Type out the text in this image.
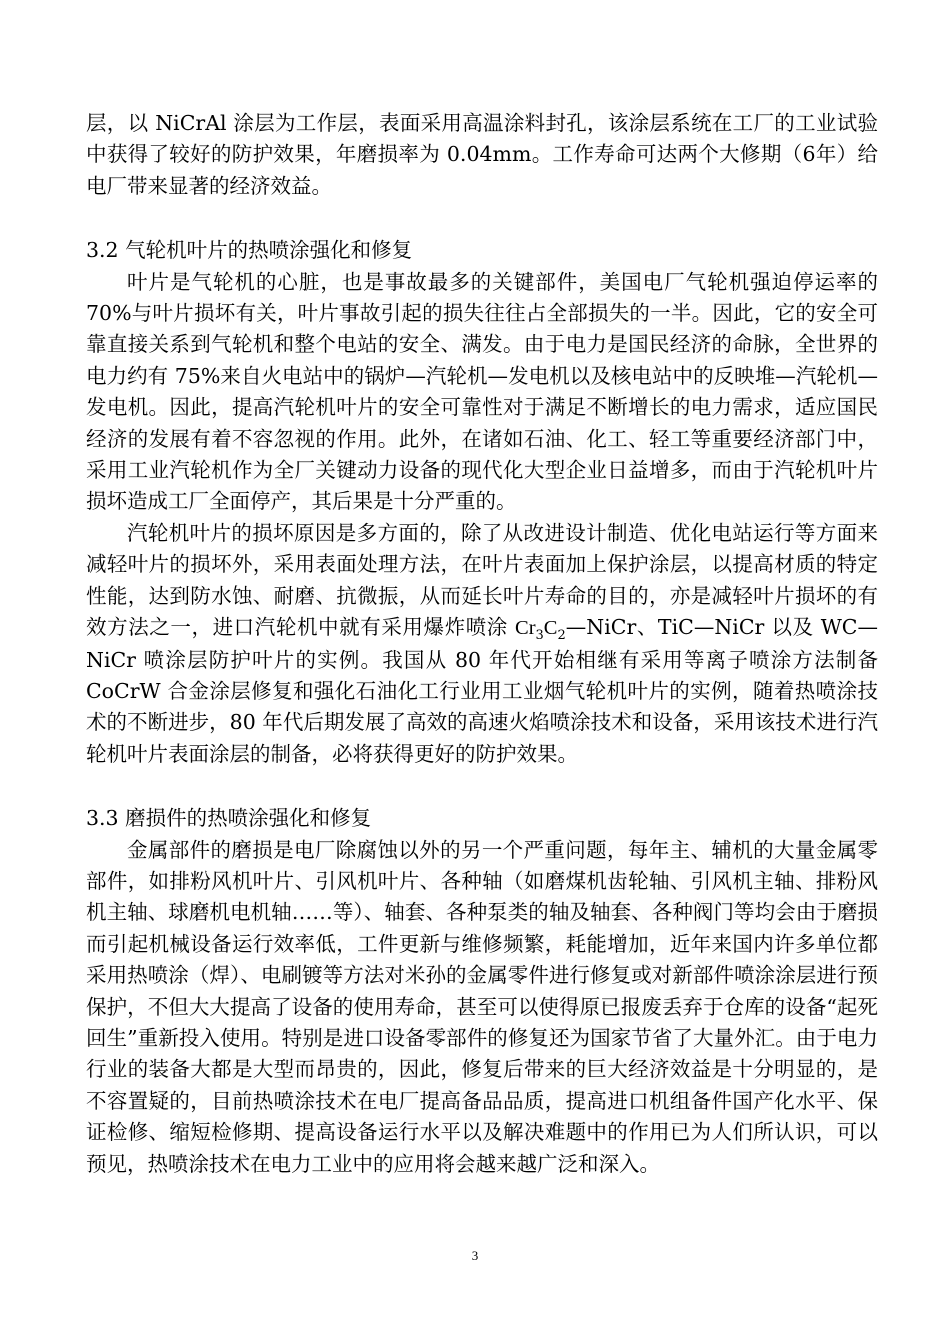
层，以 NiCrAl 涂层为工作层，表面采用高温涂料封孔，该涂层系统在工厂的工业试验中获得了较好的防护效果，年磨损率为 0.04mm。工作寿命可达两个大修期（6年）给电厂带来显著的经济效益。

3.2 气轮机叶片的热喷涂强化和修复

叶片是气轮机的心脏，也是事故最多的关键部件，美国电厂气轮机强迫停运率的 70%与叶片损坏有关，叶片事故引起的损失往往占全部损失的一半。因此，它的安全可靠直接关系到气轮机和整个电站的安全、满发。由于电力是国民经济的命脉，全世界的电力约有 75%来自火电站中的锅炉—汽轮机—发电机以及核电站中的反映堆—汽轮机—发电机。因此，提高汽轮机叶片的安全可靠性对于满足不断增长的电力需求，适应国民经济的发展有着不容忽视的作用。此外，在诸如石油、化工、轻工等重要经济部门中，采用工业汽轮机作为全厂关键动力设备的现代化大型企业日益增多，而由于汽轮机叶片损坏造成工厂全面停产，其后果是十分严重的。

汽轮机叶片的损坏原因是多方面的，除了从改进设计制造、优化电站运行等方面来减轻叶片的损坏外，采用表面处理方法，在叶片表面加上保护涂层，以提高材质的特定性能，达到防水蚀、耐磨、抗微振，从而延长叶片寿命的目的，亦是减轻叶片损坏的有效方法之一，进口汽轮机中就有采用爆炸喷涂 $Cr_3C_2—NiCr$、TiC—NiCr 以及 WC—NiCr 喷涂层防护叶片的实例。我国从 80 年代开始相继有采用等离子喷涂方法制备 CoCrW 合金涂层修复和强化石油化工行业用工业烟气轮机叶片的实例，随着热喷涂技术的不断进步，80 年代后期发展了高效的高速火焰喷涂技术和设备，采用该技术进行汽轮机叶片表面涂层的制备，必将获得更好的防护效果。

3.3 磨损件的热喷涂强化和修复

金属部件的磨损是电厂除腐蚀以外的另一个严重问题，每年主、辅机的大量金属零部件，如排粉风机叶片、引风机叶片、各种轴（如磨煤机齿轮轴、引风机主轴、排粉风机主轴、球磨机电机轴……等）、轴套、各种泵类的轴及轴套、各种阀门等均会由于磨损而引起机械设备运行效率低，工件更新与维修频繁，耗能增加，近年来国内许多单位都采用热喷涂（焊）、电刷镀等方法对米孙的金属零件进行修复或对新部件喷涂涂层进行预保护，不但大大提高了设备的使用寿命，甚至可以使得原已报废丢弃于仓库的设备“起死回生”重新投入使用。特别是进口设备零部件的修复还为国家节省了大量外汇。由于电力行业的装备大都是大型而昂贵的，因此，修复后带来的巨大经济效益是十分明显的，是不容置疑的，目前热喷涂技术在电厂提高备品品质，提高进口机组备件国产化水平、保证检修、缩短检修期、提高设备运行水平以及解决难题中的作用已为人们所认识，可以预见，热喷涂技术在电力工业中的应用将会越来越广泛和深入。

3
